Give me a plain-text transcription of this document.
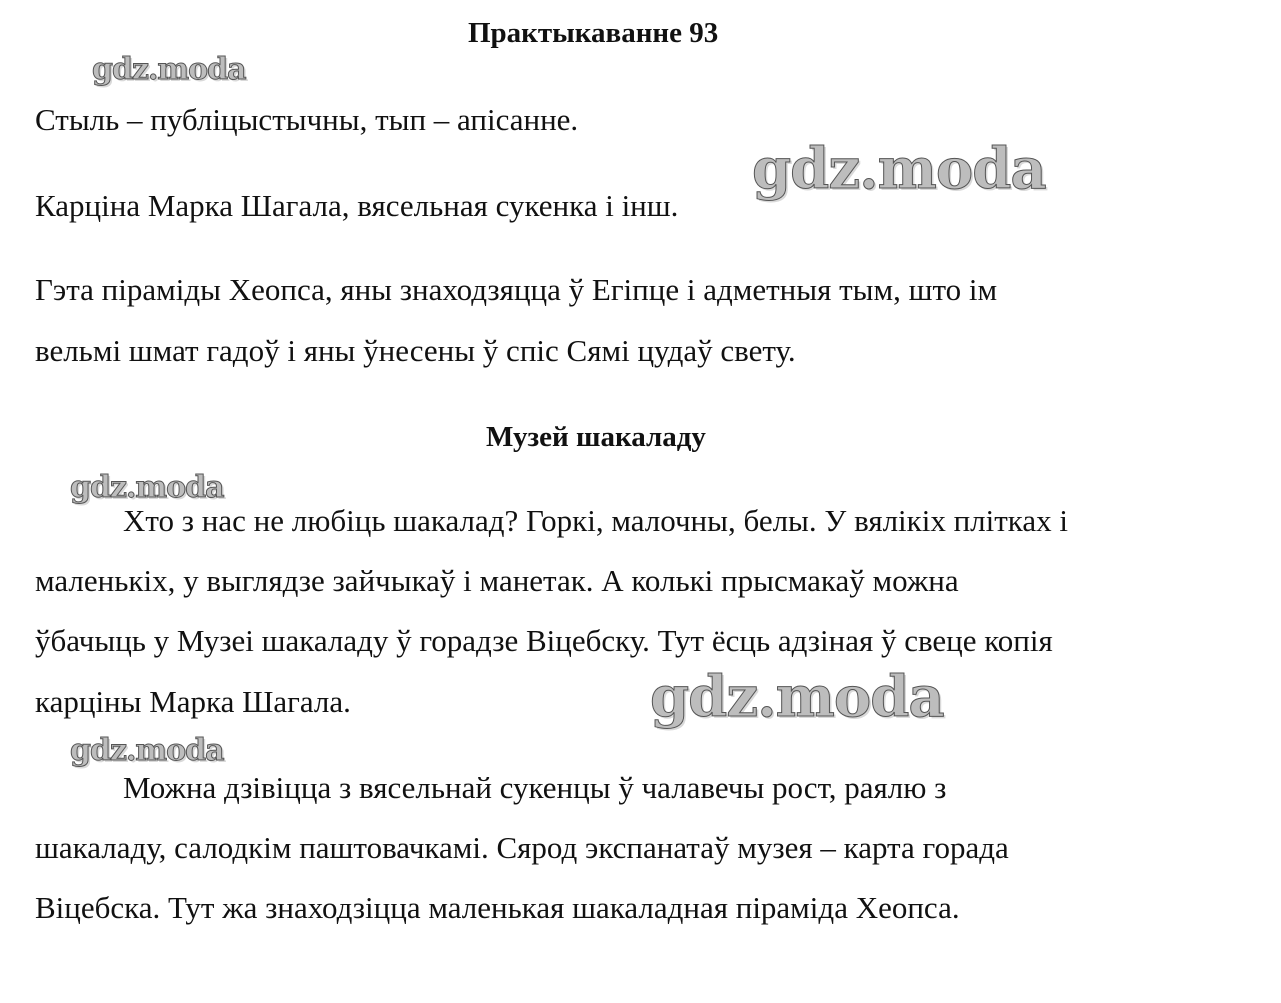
gdz.moda
gdz.moda
gdz.moda
gdz.moda
gdz.moda
Практыкаванне 93

Стыль – публіцыстычны, тып – апісанне.

Карціна Марка Шагала, вясельная сукенка і інш.

Гэта піраміды Хеопса, яны знаходзяцца ў Егіпце і адметныя тым, што ім

вельмі шмат гадоў і яны ўнесены ў спіс Сямі цудаў свету.

Музей шакаладу

Хто з нас не любіць шакалад? Горкі, малочны, белы. У вялікіх плітках і

маленькіх, у выглядзе зайчыкаў і манетак. А колькі прысмакаў можна

ўбачыць у Музеі шакаладу ў горадзе Віцебску. Тут ёсць адзіная ў свеце копія

карціны Марка Шагала.

Можна дзівіцца з вясельнай сукенцы ў чалавечы рост, раялю з

шакаладу, салодкім паштовачкамі. Сярод экспанатаў музея – карта горада

Віцебска. Тут жа знаходзіцца маленькая шакаладная піраміда Хеопса.
